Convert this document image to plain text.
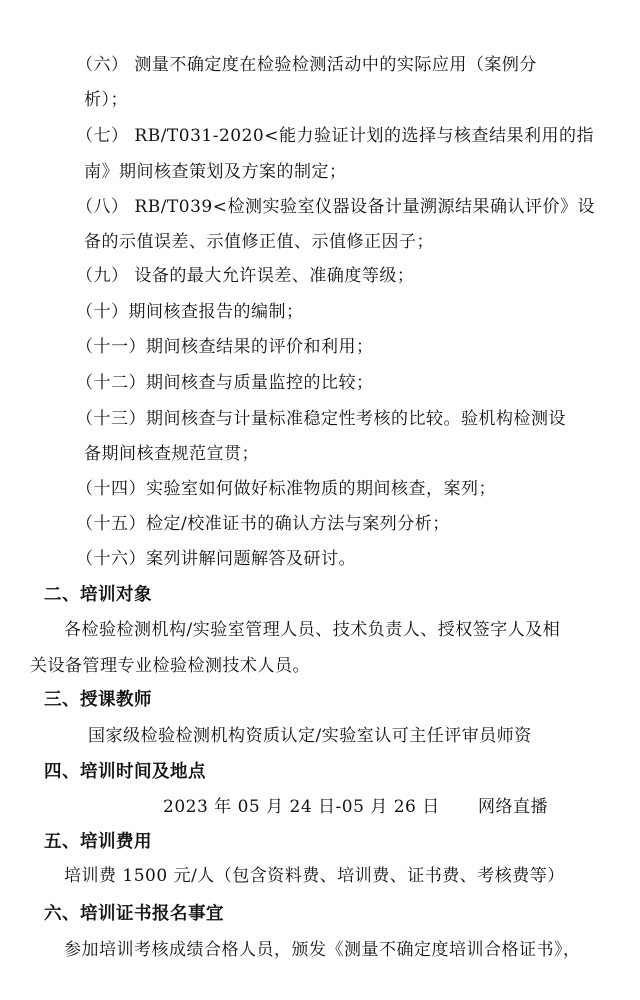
（六） 测量不确定度在检验检测活动中的实际应用（案例分
析）；
（七） RB/T031-2020<能力验证计划的选择与核查结果利用的指
南》期间核查策划及方案的制定；
（八） RB/T039<检测实验室仪器设备计量溯源结果确认评价》设
备的示值误差、示值修正值、示值修正因子；
（九） 设备的最大允许误差、准确度等级；
（十）期间核查报告的编制；
（十一）期间核查结果的评价和利用；
（十二）期间核查与质量监控的比较；
（十三）期间核查与计量标准稳定性考核的比较。验机构检测设
备期间核查规范宣贯；
（十四）实验室如何做好标准物质的期间核查，案列；
（十五）检定/校准证书的确认方法与案列分析；
（十六）案列讲解问题解答及研讨。
二、培训对象
各检验检测机构/实验室管理人员、技术负责人、授权签字人及相
关设备管理专业检验检测技术人员。
三、授课教师
国家级检验检测机构资质认定/实验室认可主任评审员师资
四、培训时间及地点
2023 年 05 月 24 日-05 月 26 日 网络直播
五、培训费用
培训费 1500 元/人（包含资料费、培训费、证书费、考核费等）
六、培训证书报名事宜
参加培训考核成绩合格人员，颁发《测量不确定度培训合格证书》，
